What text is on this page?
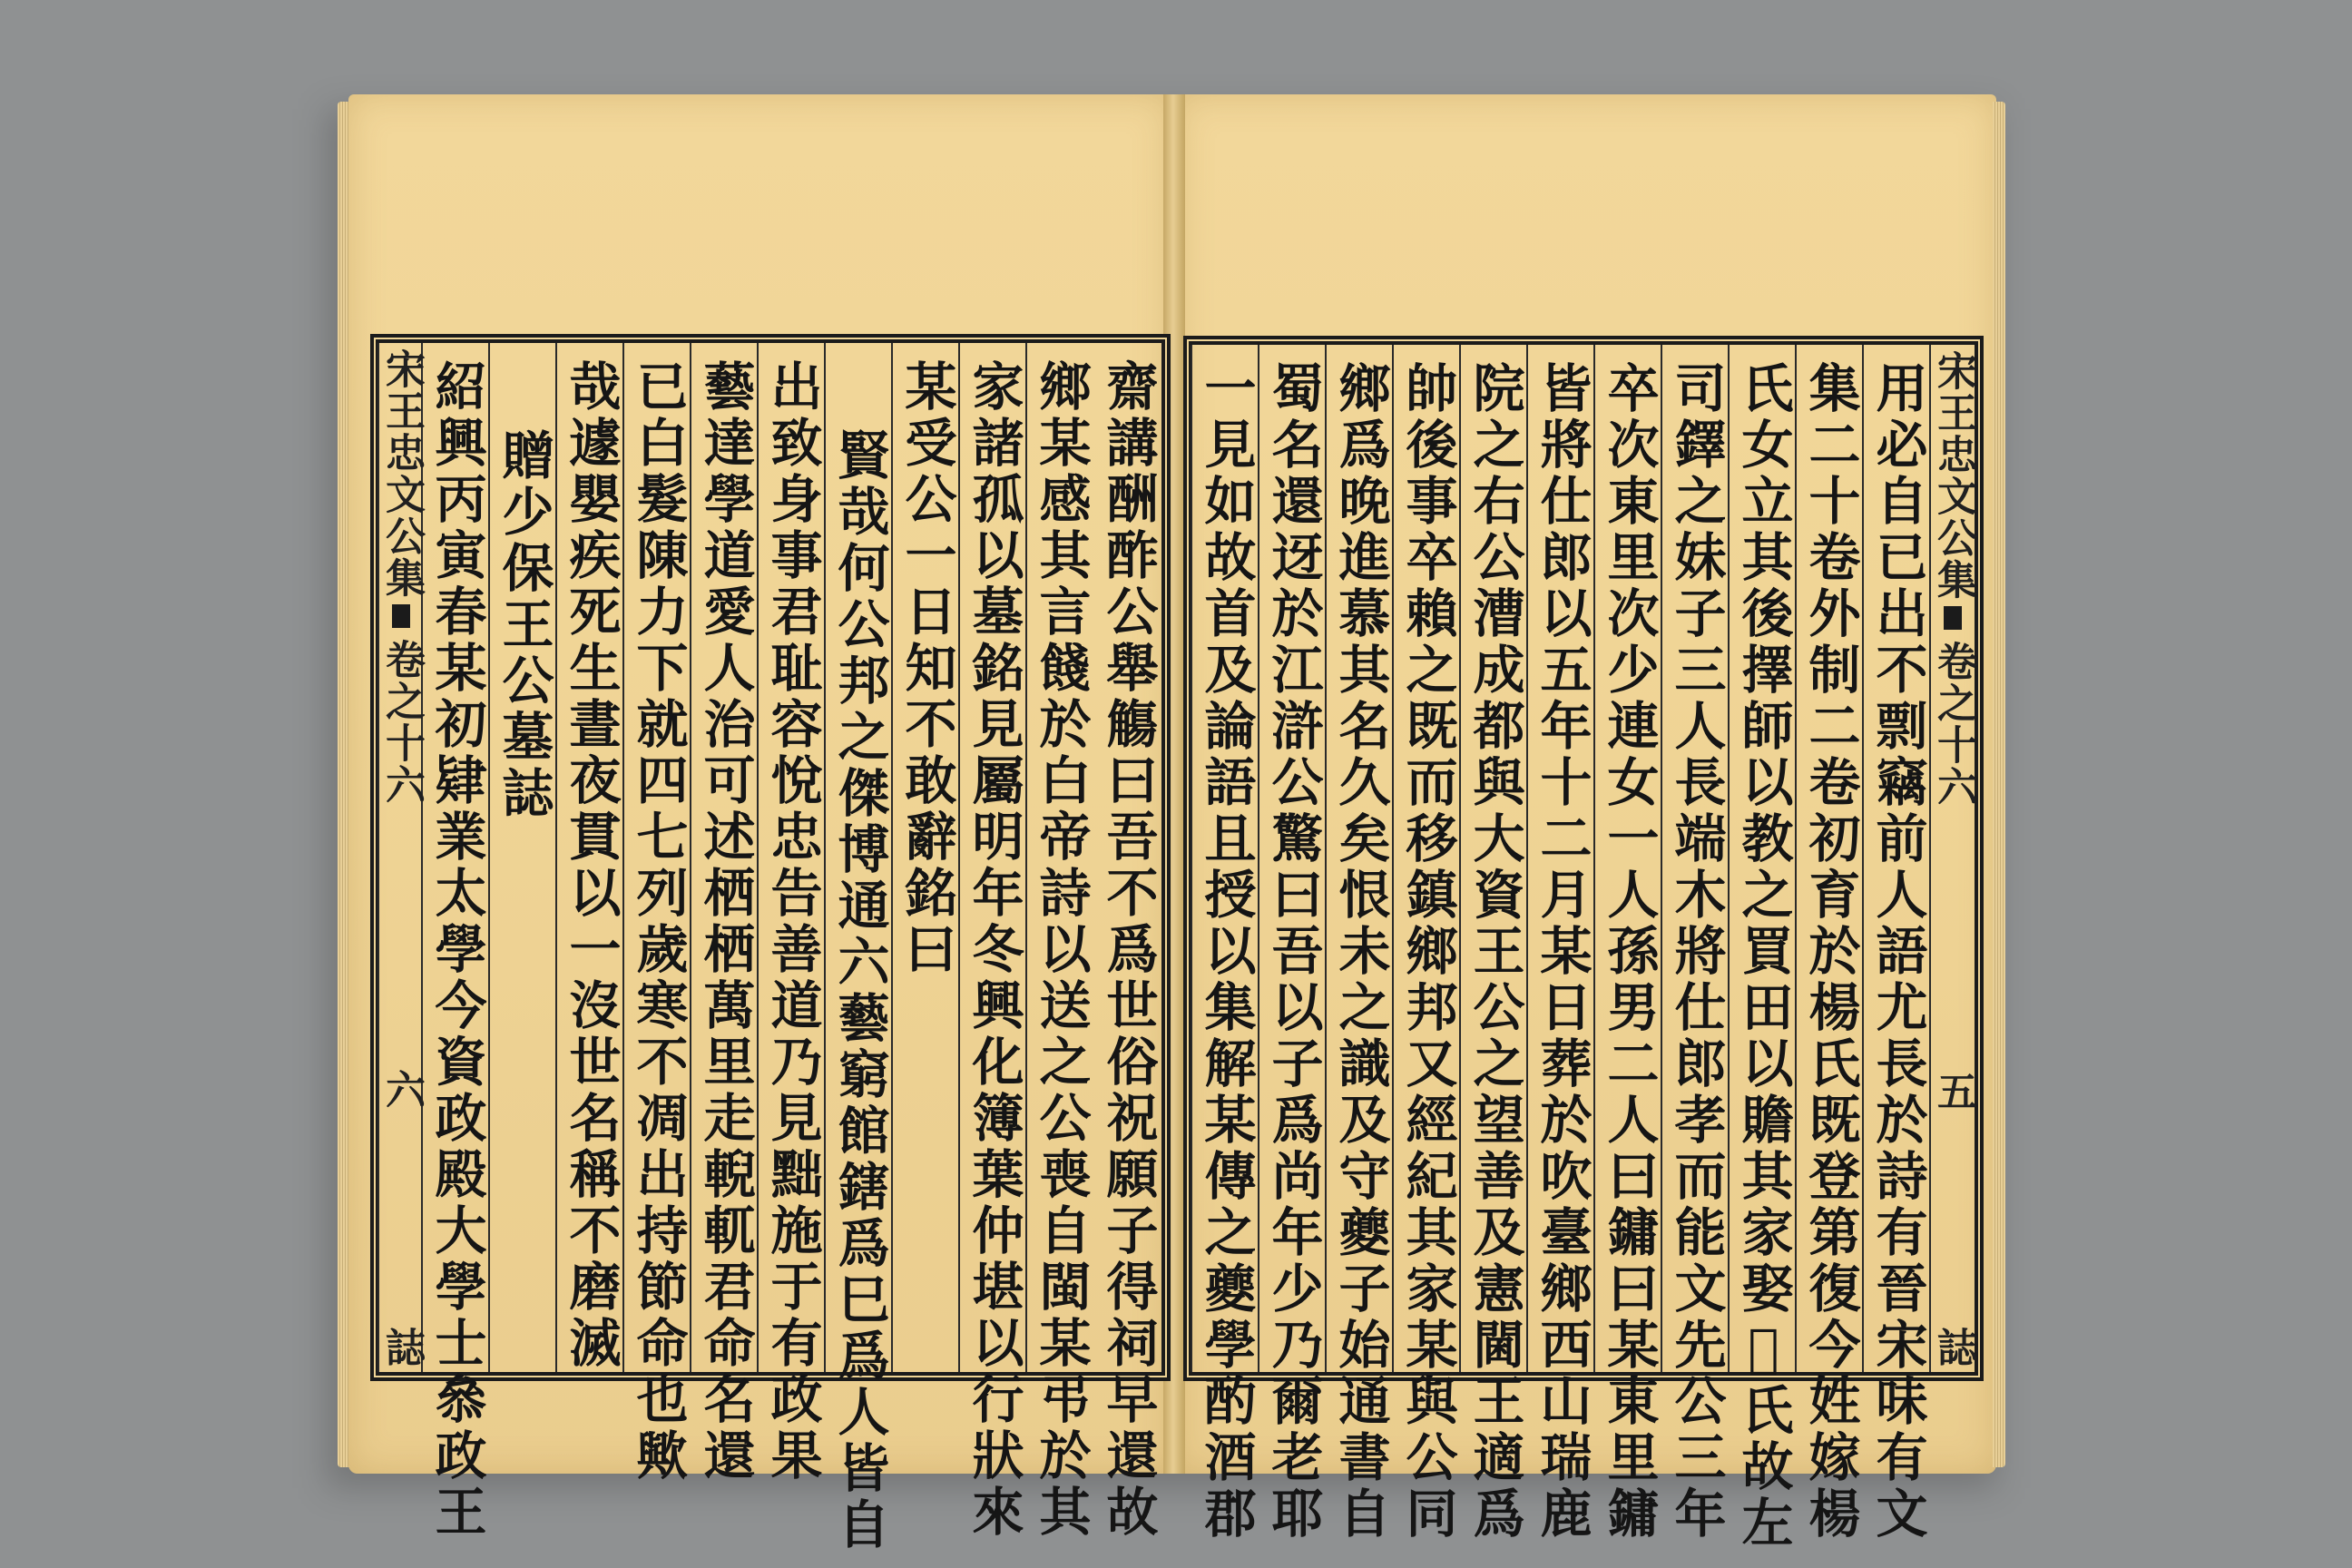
齋講酬酢公舉觴曰吾不爲世俗祝願子得祠早還故
鄉某感其言餞於白帝詩以送之公喪自閩某弔於其
家諸孤以墓銘見屬明年冬興化簿葉仲堪以行狀來
某受公一日知不敢辭銘曰
賢哉何公邦之傑博通六藝窮館鎋爲巳爲人皆自
出致身事君耻容悅忠告善道乃見黜施于有政果
藝達學道愛人治可述栖栖萬里走輗軏君命名還
已白髮陳力下就四七列歲寒不凋出持節命也歟
哉遽嬰疾死生晝夜貫以一沒世名稱不磨滅
贈少保王公墓誌
紹興丙寅春某初肄業太學今資政殿大學士叅政王
宋王忠文公集
卷之十六
六
誌
宋王忠文公集
卷之十六
五
誌
用必自已出不剽竊前人語尤長於詩有晉宋味有文
集二十卷外制二卷初育於楊氏既登第復今姓嫁楊
氏女立其後擇師以教之買田以贍其家娶𦶜氏故左
司鐸之妹子三人長端木將仕郎孝而能文先公三年
卒次東里次少連女一人孫男二人曰鏞曰某東里鏞
皆將仕郎以五年十二月某日葬於吹臺鄉西山瑞鹿
院之右公漕成都與大資王公之望善及憲閫王適爲
帥後事卒賴之既而移鎮鄉邦又經紀其家某與公同
鄉爲晚進慕其名久矣恨未之識及守夔子始通書自
蜀名還迓於江滸公驚曰吾以子爲尚年少乃爾老耶
一見如故首及論語且授以集解某傳之夔學酌酒郡
